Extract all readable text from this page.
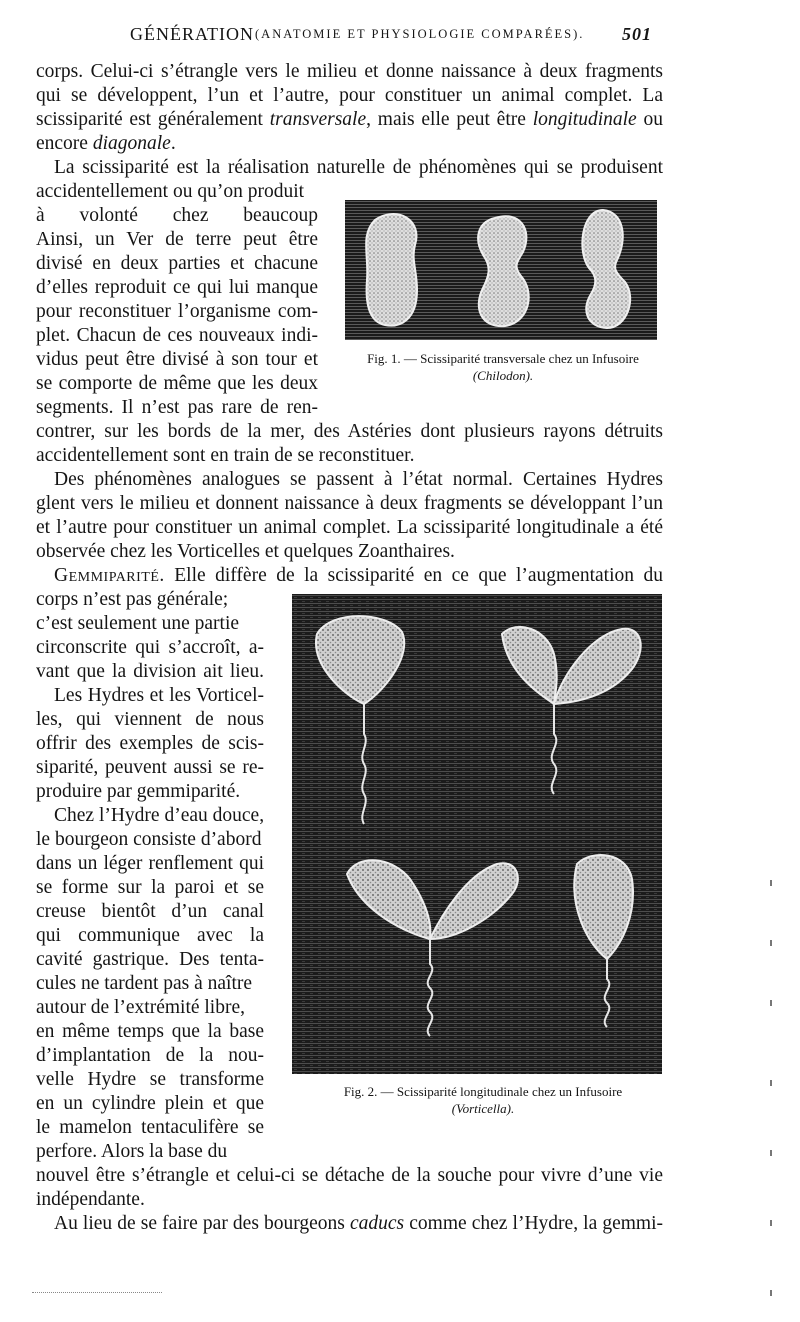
GÉNÉRATION (ANATOMIE ET PHYSIOLOGIE COMPARÉES). 501
corps. Celui-ci s’étrangle vers le milieu et donne naissance à deux fragments
qui se développent, l’un et l’autre, pour constituer un animal complet. La
scissiparité est généralement transversale, mais elle peut être longitudinale ou
encore diagonale.
La scissiparité est la réalisation naturelle de phénomènes qui se produisent
accidentellement ou qu’on produit
à volonté chez beaucoup
Ainsi, un Ver de terre peut être
divisé en deux parties et chacune
d’elles reproduit ce qui lui manque
pour reconstituer l’organisme com-
plet. Chacun de ces nouveaux indi-
vidus peut être divisé à son tour et
se comporte de même que les deux
segments. Il n’est pas rare de ren-
contrer, sur les bords de la mer, des Astéries dont plusieurs rayons détruits
accidentellement sont en train de se reconstituer.
Des phénomènes analogues se passent à l’état normal. Certaines Hydres
glent vers le milieu et donnent naissance à deux fragments se développant l’un
et l’autre pour constituer un animal complet. La scissiparité longitudinale a été
observée chez les Vorticelles et quelques Zoanthaires.
Gemmiparité. Elle diffère de la scissiparité en ce que l’augmentation du
corps n’est pas générale;
c’est seulement une partie
circonscrite qui s’accroît, a-
vant que la division ait lieu.
Les Hydres et les Vorticel-
les, qui viennent de nous
offrir des exemples de scis-
siparité, peuvent aussi se re-
produire par gemmiparité.
Chez l’Hydre d’eau douce,
le bourgeon consiste d’abord
dans un léger renflement qui
se forme sur la paroi et se
creuse bientôt d’un canal
qui communique avec la
cavité gastrique. Des tenta-
cules ne tardent pas à naître
autour de l’extrémité libre,
en même temps que la base
d’implantation de la nou-
velle Hydre se transforme
en un cylindre plein et que
le mamelon tentaculifère se
perfore. Alors la base du
nouvel être s’étrangle et celui-ci se détache de la souche pour vivre d’une vie
indépendante.
Au lieu de se faire par des bourgeons caducs comme chez l’Hydre, la gemmi-
Fig. 1. — Scissiparité transversale chez un Infusoire
(Chilodon).
Fig. 2. — Scissiparité longitudinale chez un Infusoire
(Vorticella).
